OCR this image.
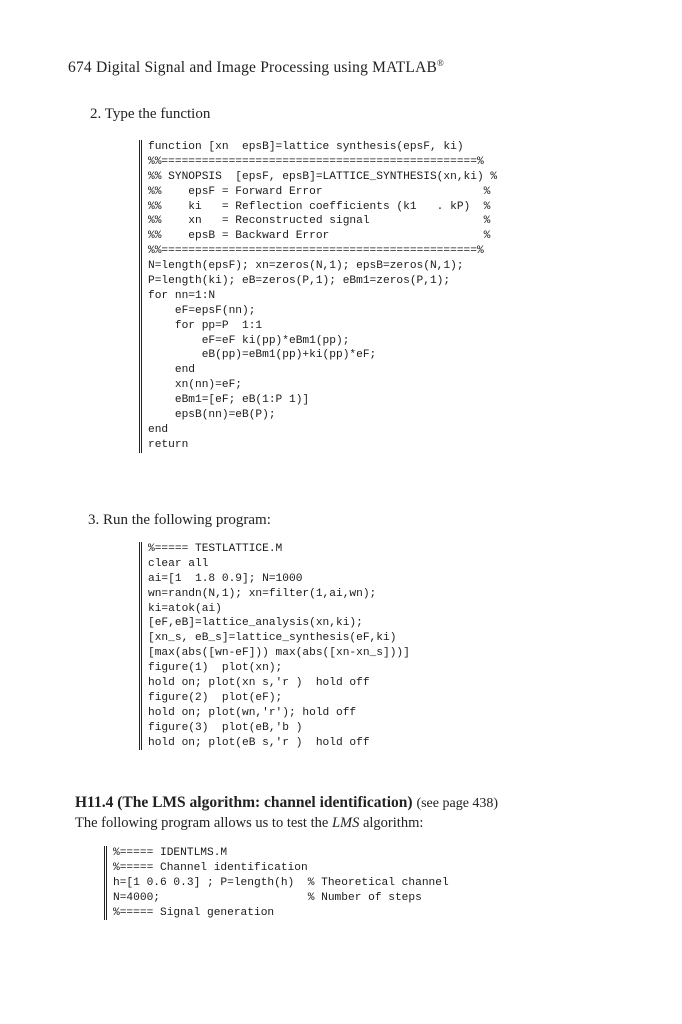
674 Digital Signal and Image Processing using MATLAB®
2. Type the function
function [xn  epsB]=lattice synthesis(epsF, ki)
%%===============================================%
%% SYNOPSIS  [epsF, epsB]=LATTICE_SYNTHESIS(xn,ki) %
%%    epsF = Forward Error                        %
%%    ki   = Reflection coefficients (k1   . kP)  %
%%    xn   = Reconstructed signal                 %
%%    epsB = Backward Error                       %
%%===============================================%
N=length(epsF); xn=zeros(N,1); epsB=zeros(N,1);
P=length(ki); eB=zeros(P,1); eBm1=zeros(P,1);
for nn=1:N
eF=epsF(nn);
for pp=P  1:1
eF=eF ki(pp)*eBm1(pp);
eB(pp)=eBm1(pp)+ki(pp)*eF;
end
xn(nn)=eF;
eBm1=[eF; eB(1:P 1)]
epsB(nn)=eB(P);
end
return
3. Run the following program:
%===== TESTLATTICE.M
clear all
ai=[1  1.8 0.9]; N=1000
wn=randn(N,1); xn=filter(1,ai,wn);
ki=atok(ai)
[eF,eB]=lattice_analysis(xn,ki);
[xn_s, eB_s]=lattice_synthesis(eF,ki)
[max(abs([wn-eF])) max(abs([xn-xn_s]))]
figure(1)  plot(xn);
hold on; plot(xn s,'r )  hold off
figure(2)  plot(eF);
hold on; plot(wn,'r'); hold off
figure(3)  plot(eB,'b )
hold on; plot(eB s,'r )  hold off
H11.4 (The LMS algorithm: channel identification) (see page 438)
The following program allows us to test the LMS algorithm:
%===== IDENTLMS.M
%===== Channel identification
h=[1 0.6 0.3] ; P=length(h)  % Theoretical channel
N=4000;                      % Number of steps
%===== Signal generation
